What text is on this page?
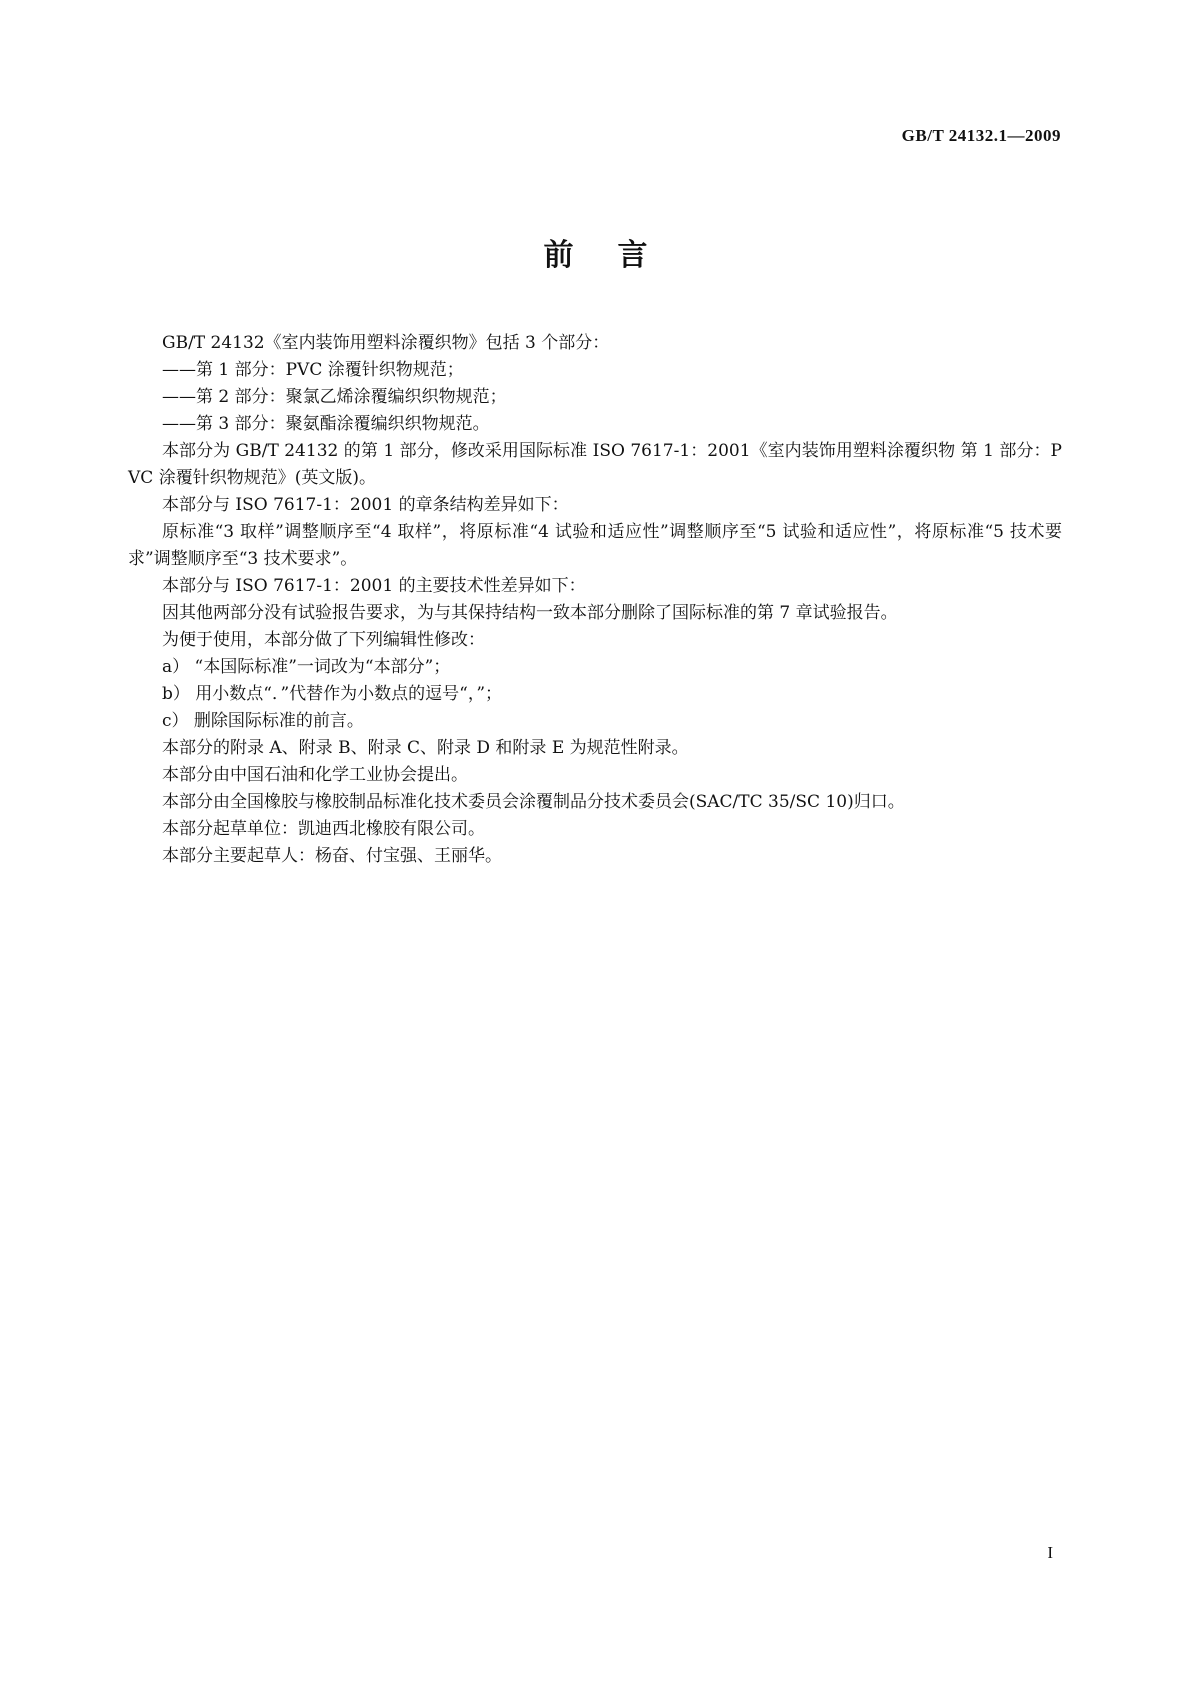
GB/T 24132.1—2009
前言

GB/T 24132《室内装饰用塑料涂覆织物》包括 3 个部分：

——第 1 部分：PVC 涂覆针织物规范；

——第 2 部分：聚氯乙烯涂覆编织织物规范；

——第 3 部分：聚氨酯涂覆编织织物规范。

本部分为 GB/T 24132 的第 1 部分，修改采用国际标准 ISO 7617-1：2001《室内装饰用塑料涂覆织物 第 1 部分：PVC 涂覆针织物规范》(英文版)。

本部分与 ISO 7617-1：2001 的章条结构差异如下：

原标准“3 取样”调整顺序至“4 取样”，将原标准“4 试验和适应性”调整顺序至“5 试验和适应性”，将原标准“5 技术要求”调整顺序至“3 技术要求”。

本部分与 ISO 7617-1：2001 的主要技术性差异如下：

因其他两部分没有试验报告要求，为与其保持结构一致本部分删除了国际标准的第 7 章试验报告。

为便于使用，本部分做了下列编辑性修改：

a） “本国际标准”一词改为“本部分”；

b） 用小数点“．”代替作为小数点的逗号“，”；

c） 删除国际标准的前言。

本部分的附录 A、附录 B、附录 C、附录 D 和附录 E 为规范性附录。

本部分由中国石油和化学工业协会提出。

本部分由全国橡胶与橡胶制品标准化技术委员会涂覆制品分技术委员会(SAC/TC 35/SC 10)归口。

本部分起草单位：凯迪西北橡胶有限公司。

本部分主要起草人：杨奋、付宝强、王丽华。

I
